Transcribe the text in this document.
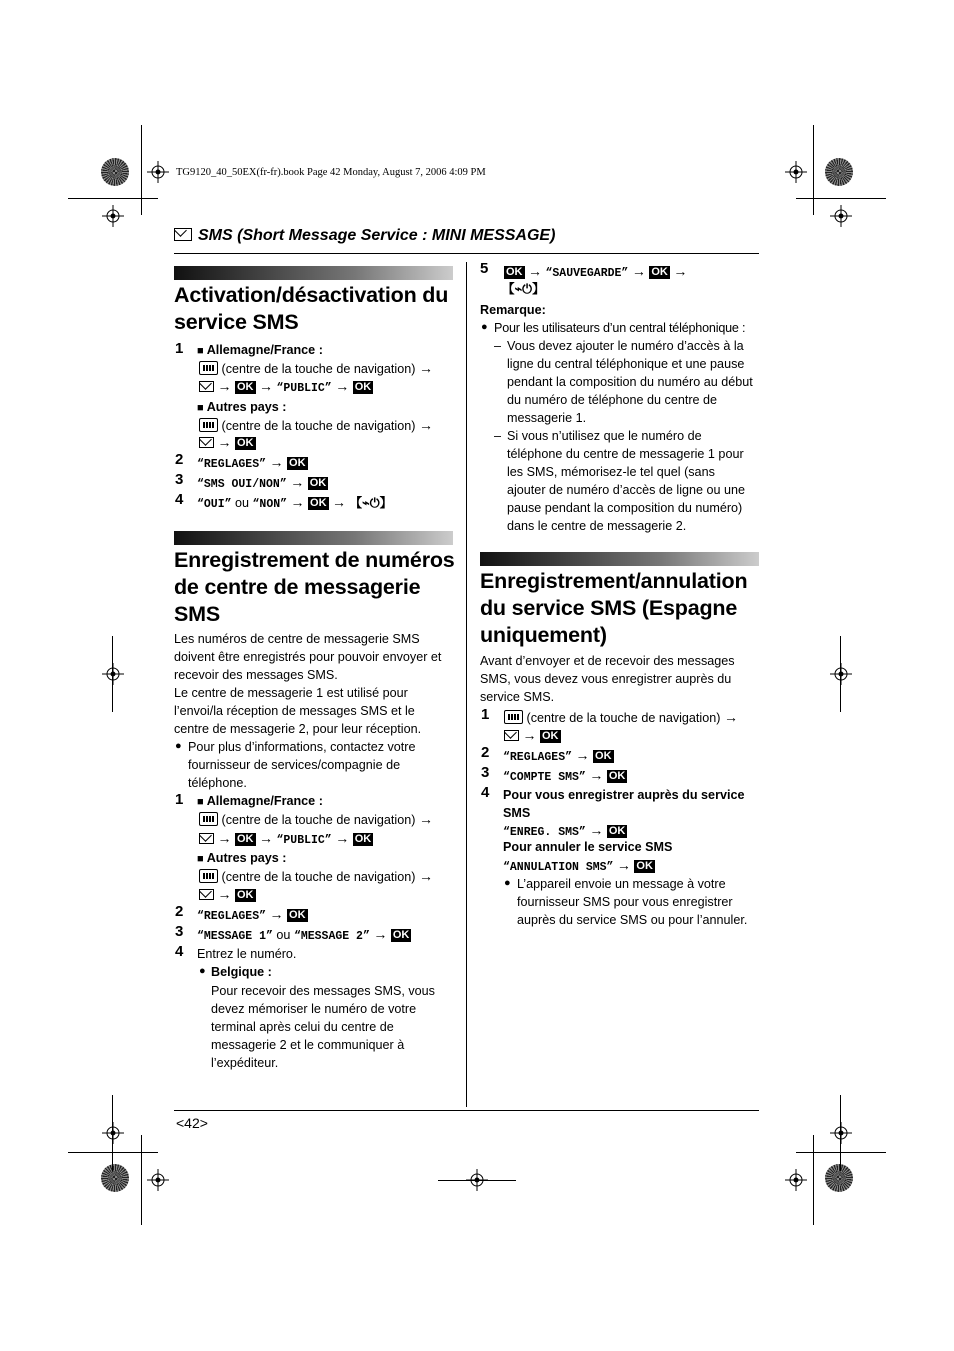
TG9120_40_50EX(fr-fr).book Page 42 Monday, August 7, 2006 4:09 PM
SMS (Short Message Service : MINI MESSAGE)
Activation/désactivation du
service SMS
1 ■ Allemagne/France :
(centre de la touche de navigation) →
→ OK → “PUBLIC” → OK
■ Autres pays :
(centre de la touche de navigation) →
→ OK
2 “REGLAGES” → OK
3 “SMS OUI/NON” → OK
4 “OUI” ou “NON” → OK → 【⌁⏻】
Enregistrement de numéros
de centre de messagerie
SMS
Les numéros de centre de messagerie SMS
doivent être enregistrés pour pouvoir envoyer et
recevoir des messages SMS.
Le centre de messagerie 1 est utilisé pour
l’envoi/la réception de messages SMS et le
centre de messagerie 2, pour leur réception.
● Pour plus d’informations, contactez votre
fournisseur de services/compagnie de
téléphone.
1 ■ Allemagne/France :
(centre de la touche de navigation) →
→ OK → “PUBLIC” → OK
■ Autres pays :
(centre de la touche de navigation) →
→ OK
2 “REGLAGES” → OK
3 “MESSAGE 1” ou “MESSAGE 2” → OK
4 Entrez le numéro.
● Belgique :
Pour recevoir des messages SMS, vous
devez mémoriser le numéro de votre
terminal après celui du centre de
messagerie 2 et le communiquer à
l’expéditeur.
5 OK → “SAUVEGARDE” → OK →
【⌁⏻】
Remarque:
● Pour les utilisateurs d’un central téléphonique :
– Vous devez ajouter le numéro d’accès à la
ligne du central téléphonique et une pause
pendant la composition du numéro au début
du numéro de téléphone du centre de
messagerie 1.
– Si vous n’utilisez que le numéro de
téléphone du centre de messagerie 1 pour
les SMS, mémorisez-le tel quel (sans
ajouter de numéro d’accès de ligne ou une
pause pendant la composition du numéro)
dans le centre de messagerie 2.
Enregistrement/annulation
du service SMS (Espagne
uniquement)
Avant d’envoyer et de recevoir des messages
SMS, vous devez vous enregistrer auprès du
service SMS.
1	(centre de la touche de navigation) →
→ OK
2 “REGLAGES” → OK
3 “COMPTE SMS” → OK
4 Pour vous enregistrer auprès du service
SMS
“ENREG. SMS” → OK
Pour annuler le service SMS
“ANNULATION SMS” → OK
● L’appareil envoie un message à votre
fournisseur SMS pour vous enregistrer
auprès du service SMS ou pour l’annuler.
<42>
